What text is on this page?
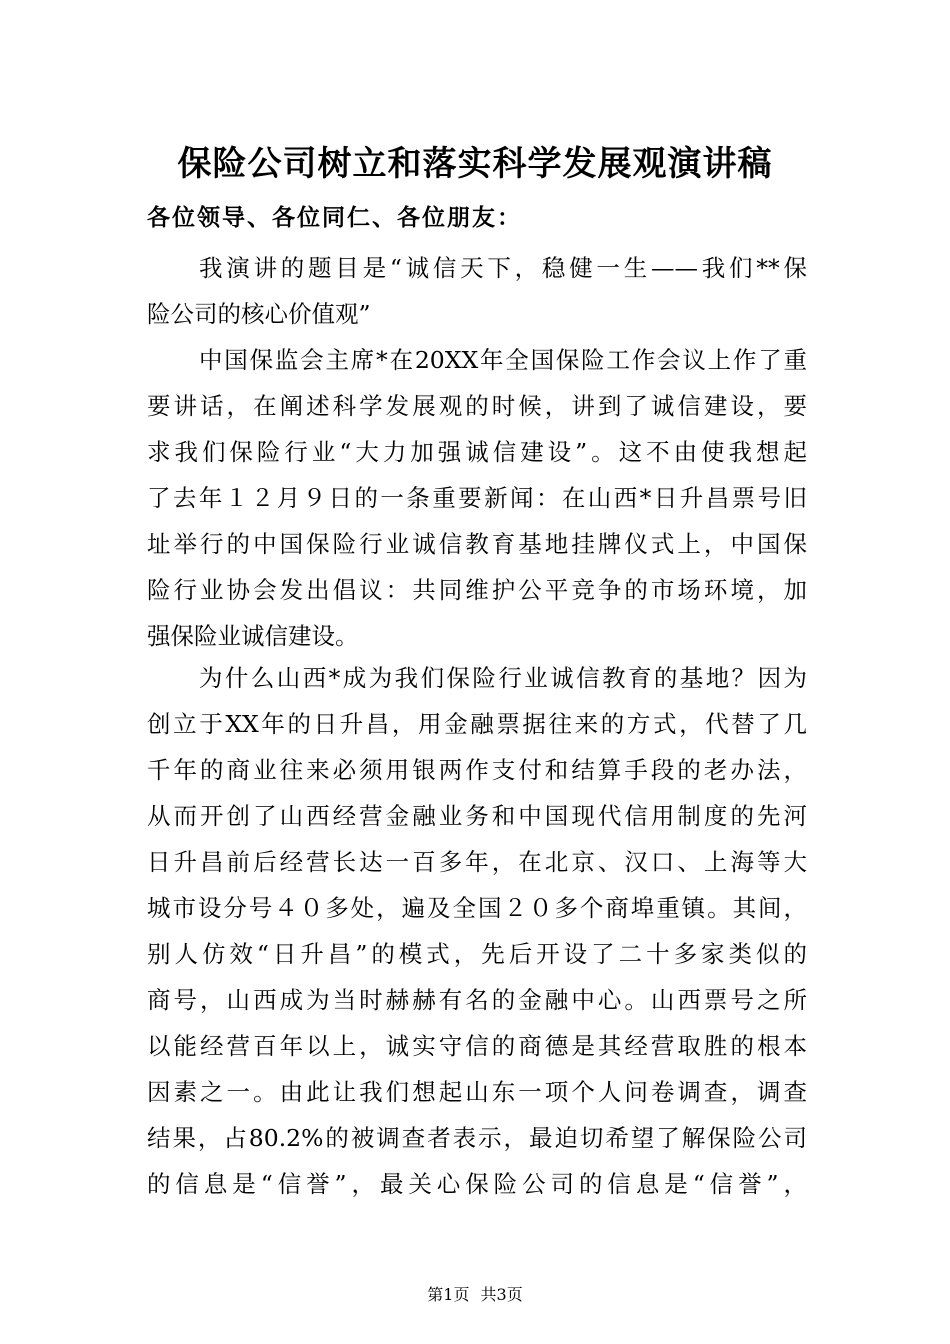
保险公司树立和落实科学发展观演讲稿
各位领导、各位同仁、各位朋友：
我演讲的题目是“诚信天下，稳健一生——我们**保
险公司的核心价值观”
中国保监会主席*在20XX年全国保险工作会议上作了重
要讲话，在阐述科学发展观的时候，讲到了诚信建设，要
求我们保险行业“大力加强诚信建设”。这不由使我想起
了去年１２月９日的一条重要新闻：在山西*日升昌票号旧
址举行的中国保险行业诚信教育基地挂牌仪式上，中国保
险行业协会发出倡议：共同维护公平竞争的市场环境，加
强保险业诚信建设。
为什么山西*成为我们保险行业诚信教育的基地？因为
创立于XX年的日升昌，用金融票据往来的方式，代替了几
千年的商业往来必须用银两作支付和结算手段的老办法，
从而开创了山西经营金融业务和中国现代信用制度的先河
日升昌前后经营长达一百多年，在北京、汉口、上海等大
城市设分号４０多处，遍及全国２０多个商埠重镇。其间，
别人仿效“日升昌”的模式，先后开设了二十多家类似的
商号，山西成为当时赫赫有名的金融中心。山西票号之所
以能经营百年以上，诚实守信的商德是其经营取胜的根本
因素之一。由此让我们想起山东一项个人问卷调查，调查
结果，占80.2%的被调查者表示，最迫切希望了解保险公司
的信息是“信誉”，最关心保险公司的信息是“信誉”，
第1页 共3页
